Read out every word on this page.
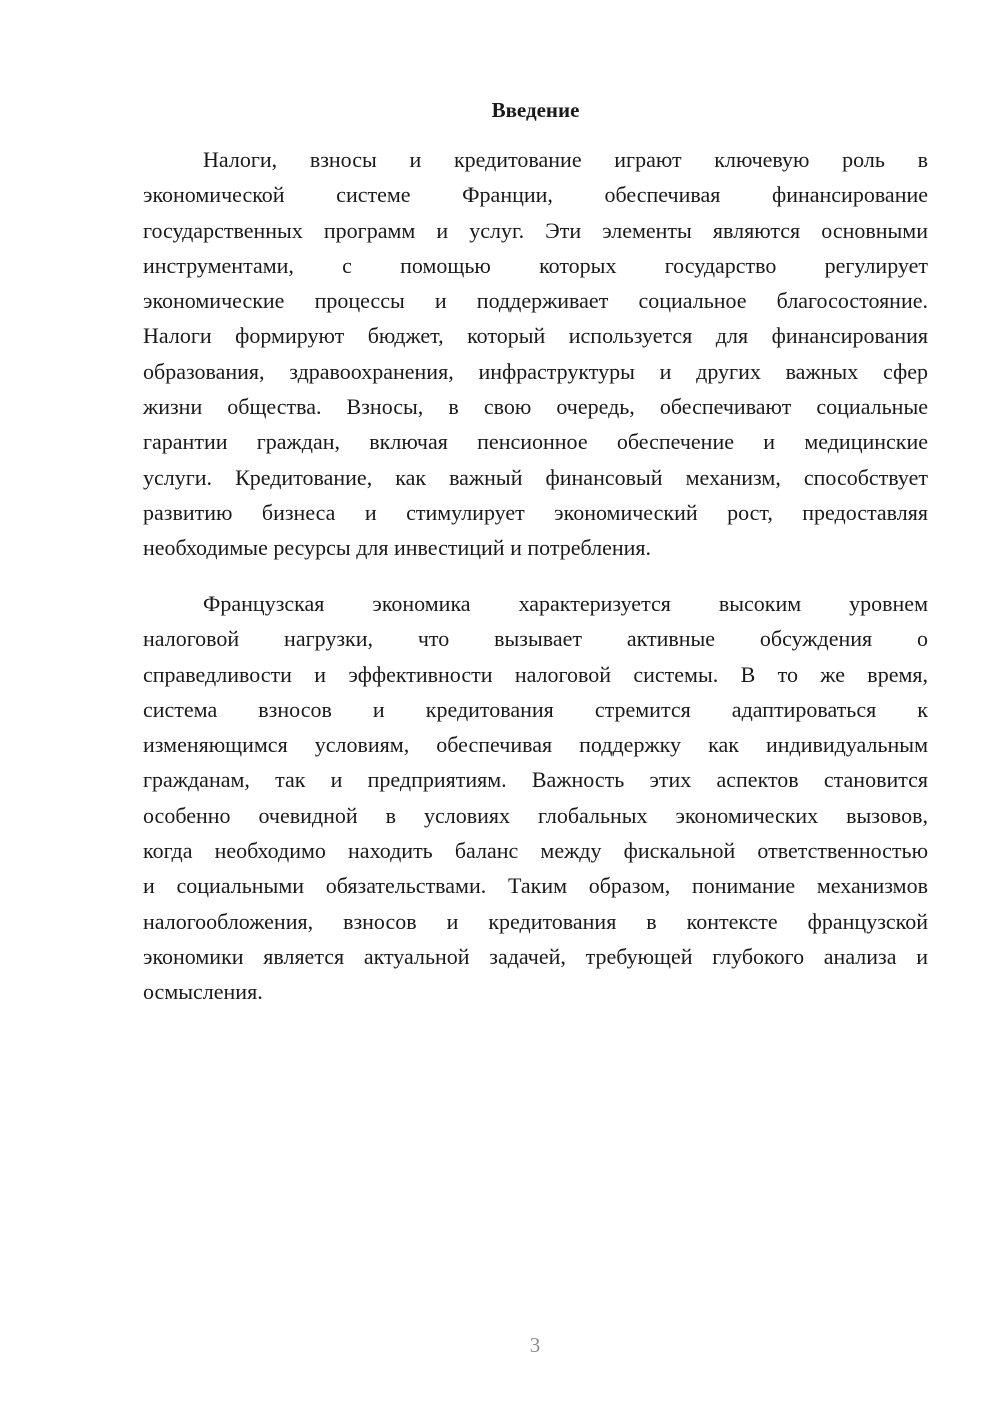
Введение
Налоги, взносы и кредитование играют ключевую роль в
экономической системе Франции, обеспечивая финансирование
государственных программ и услуг. Эти элементы являются основными
инструментами, с помощью которых государство регулирует
экономические процессы и поддерживает социальное благосостояние.
Налоги формируют бюджет, который используется для финансирования
образования, здравоохранения, инфраструктуры и других важных сфер
жизни общества. Взносы, в свою очередь, обеспечивают социальные
гарантии граждан, включая пенсионное обеспечение и медицинские
услуги. Кредитование, как важный финансовый механизм, способствует
развитию бизнеса и стимулирует экономический рост, предоставляя
необходимые ресурсы для инвестиций и потребления.
Французская экономика характеризуется высоким уровнем
налоговой нагрузки, что вызывает активные обсуждения о
справедливости и эффективности налоговой системы. В то же время,
система взносов и кредитования стремится адаптироваться к
изменяющимся условиям, обеспечивая поддержку как индивидуальным
гражданам, так и предприятиям. Важность этих аспектов становится
особенно очевидной в условиях глобальных экономических вызовов,
когда необходимо находить баланс между фискальной ответственностью
и социальными обязательствами. Таким образом, понимание механизмов
налогообложения, взносов и кредитования в контексте французской
экономики является актуальной задачей, требующей глубокого анализа и
осмысления.
3
